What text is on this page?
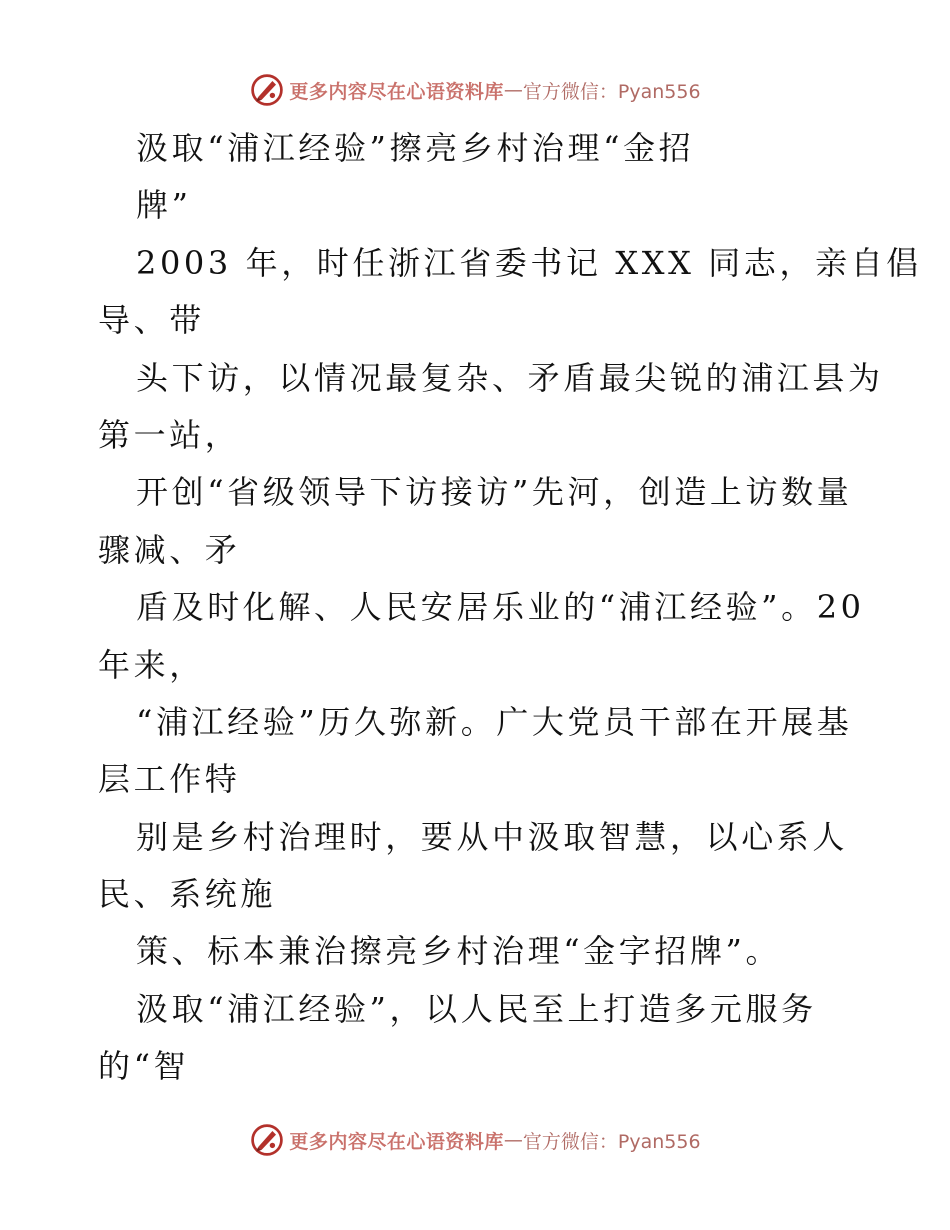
更多内容尽在心语资料库 — 官方微信：Pyan556
汲取“浦江经验”擦亮乡村治理“金招
牌”
2003 年，时任浙江省委书记 XXX 同志，亲自倡
导、带
头下访，以情况最复杂、矛盾最尖锐的浦江县为
第一站，
开创“省级领导下访接访”先河，创造上访数量
骤减、矛
盾及时化解、人民安居乐业的“浦江经验”。20
年来，
“浦江经验”历久弥新。广大党员干部在开展基
层工作特
别是乡村治理时，要从中汲取智慧，以心系人
民、系统施
策、标本兼治擦亮乡村治理“金字招牌”。
汲取“浦江经验”，以人民至上打造多元服务
的“智
更多内容尽在心语资料库 — 官方微信：Pyan556
